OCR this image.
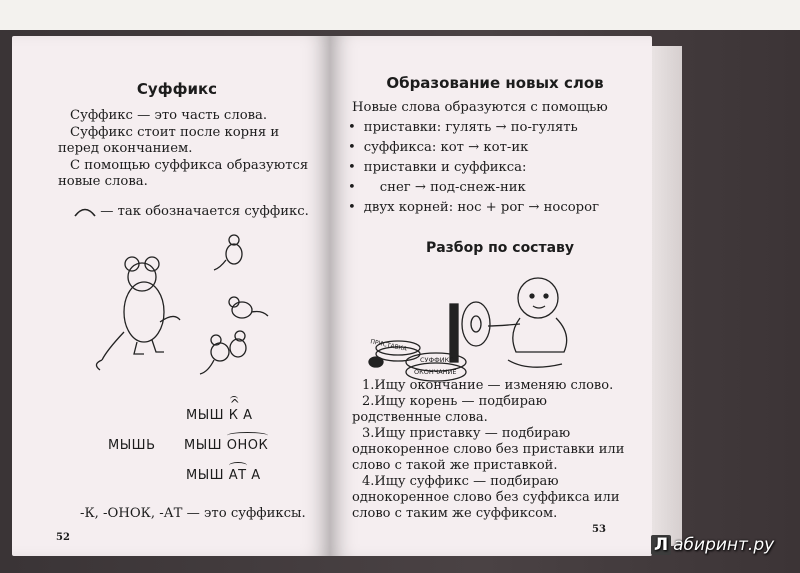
Суффикс

Суффикс — это часть слова.

Суффикс стоит после корня и перед окончанием.

С помощью суффикса образуются новые слова.

— так обозначается суффикс.
МЫШ ^ К А
МЫШЬ МЫШ ОНОК
МЫШ АТ А
-К, -ОНОК, -АТ — это суффиксы.
52
Образование новых слов
Новые слова образуются с помощью
• приставки: гулять → по-гулять
• суффикса: кот → кот-ик
• приставки и суффикса:
• снег → под-снеж-ник
• двух корней: нос + рог → носорог
Разбор по составу
ПРИСТАВКА
СУФФИКС
ОКОНЧАНИЕ

1.Ищу окончание — изменяю слово.

2.Ищу корень — подбираю родственные слова.

3.Ищу приставку — подбираю однокоренное слово без приставки или слово с такой же приставкой.

4.Ищу суффикс — подбираю однокоренное слово без суффикса или слово с таким же суффиксом.

53
Л абиринт.ру
